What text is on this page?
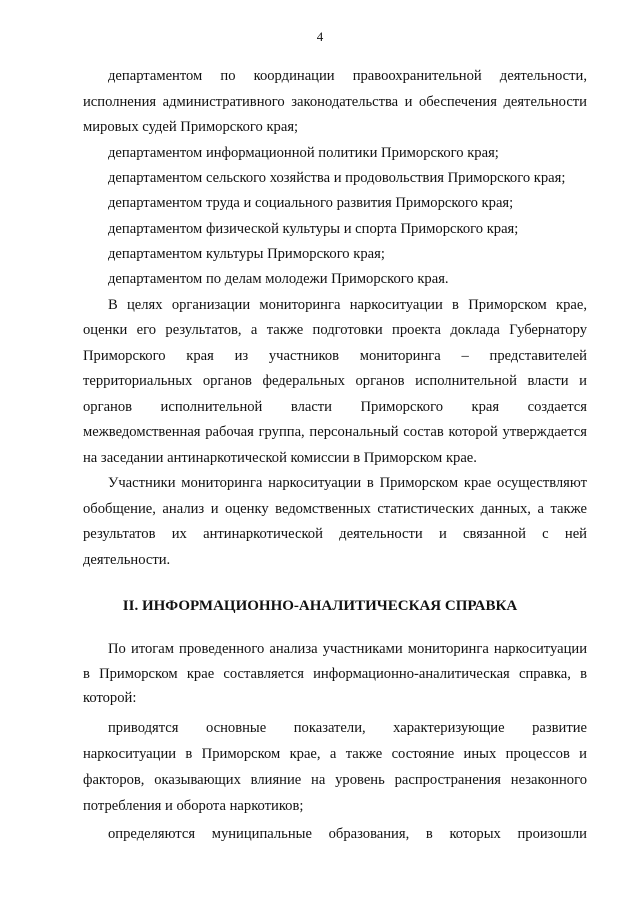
4
департаментом по координации правоохранительной деятельности,
исполнения административного законодательства и обеспечения деятельности
мировых судей Приморского края;
департаментом информационной политики Приморского края;
департаментом сельского хозяйства и продовольствия Приморского края;
департаментом труда и социального развития Приморского края;
департаментом физической культуры и спорта Приморского края;
департаментом культуры Приморского края;
департаментом по делам молодежи Приморского края.
В целях организации мониторинга наркоситуации в Приморском крае,
оценки его результатов, а также подготовки проекта доклада Губернатору
Приморского края из участников мониторинга – представителей
территориальных органов федеральных органов исполнительной власти и
органов исполнительной власти Приморского края создается
межведомственная рабочая группа, персональный состав которой утверждается
на заседании антинаркотической комиссии в Приморском крае.
Участники мониторинга наркоситуации в Приморском крае осуществляют
обобщение, анализ и оценку ведомственных статистических данных, а также
результатов их антинаркотической деятельности и связанной с ней
деятельности.
II. ИНФОРМАЦИОННО-АНАЛИТИЧЕСКАЯ СПРАВКА
По итогам проведенного анализа участниками мониторинга наркоситуации
в Приморском крае составляется информационно-аналитическая справка, в
которой:
приводятся основные показатели, характеризующие развитие
наркоситуации в Приморском крае, а также состояние иных процессов и
факторов, оказывающих влияние на уровень распространения незаконного
потребления и оборота наркотиков;
определяются муниципальные образования, в которых произошли
